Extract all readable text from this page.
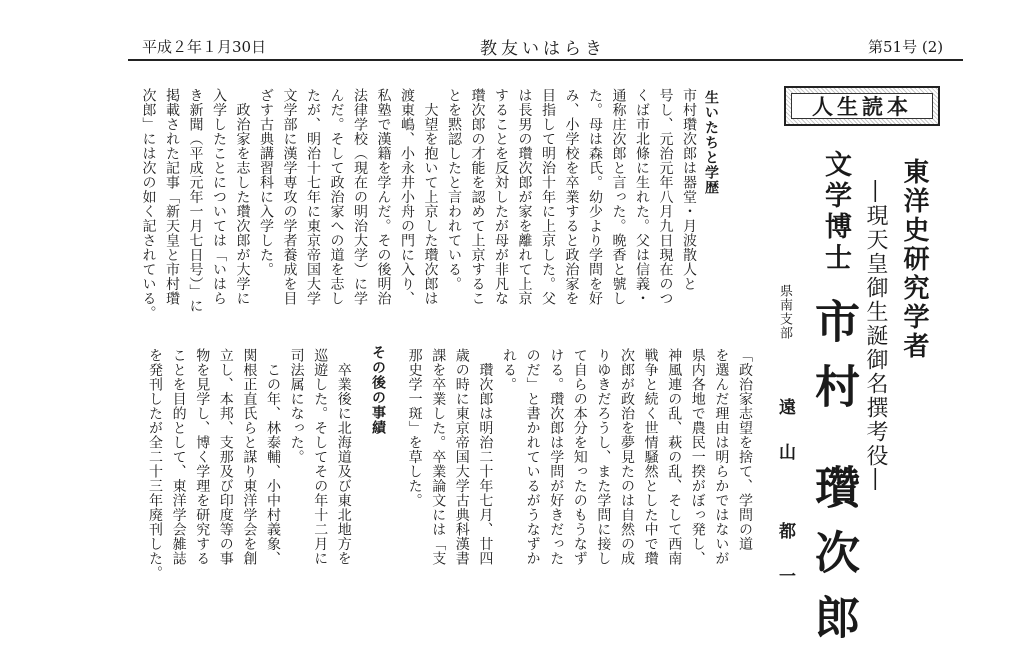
平成２年１月30日	教友いはらき	第51号 (2)
人生読本
東洋史研究学者
―現天皇御生誕御名撰考役―
文学博士
市村 瓚次郎
県南支部
遠山 都一
生いたちと学歴
その後の事績
市村瓚次郎は器堂・月波散人と
号し、元治元年八月九日現在のつ
くば市北條に生れた。父は信義・
通称庄次郎と言った。晩香と號し
た。母は森氏。幼少より学問を好
み、小学校を卒業すると政治家を
目指して明治十年に上京した。父
は長男の瓚次郎が家を離れて上京
することを反対したが母が非凡な
瓚次郎の才能を認めて上京するこ
とを黙認したと言われている。
　大望を抱いて上京した瓚次郎は
渡東嶋、小永井小舟の門に入り、
私塾で漢籍を学んだ。その後明治
法律学校（現在の明治大学）に学
んだ。そして政治家への道を志し
たが、明治十七年に東京帝国大学
文学部に漢学専攻の学者養成を目
ざす古典講習科に入学した。
　政治家を志した瓚次郎が大学に
入学したことについては「いはら
き新聞（平成元年一月七日号）」に
掲載された記事「新天皇と市村瓚
次郎」には次の如く記されている。
「政治家志望を捨て、学問の道
を選んだ理由は明らかではないが
県内各地で農民一揆がぼっ発し、
神風連の乱、萩の乱、そして西南
戦争と続く世情騒然とした中で瓚
次郎が政治を夢見たのは自然の成
りゆきだろうし、また学問に接し
て自らの本分を知ったのもうなず
ける。瓚次郎は学問が好きだった
のだ」と書かれているがうなずか
れる。
　瓚次郎は明治二十年七月、廿四
歳の時に東京帝国大学古典科漢書
課を卒業した。卒業論文には「支
那史学一斑」を草した。
　卒業後に北海道及び東北地方を
巡遊した。そしてその年十二月に
司法属になった。
　この年、林泰輔、小中村義象、
関根正直氏らと謀り東洋学会を創
立し、本邦、支那及び印度等の事
物を見学し、博く学理を研究する
ことを目的として、東洋学会雑誌
を発刊したが全二十三年廃刊した。
